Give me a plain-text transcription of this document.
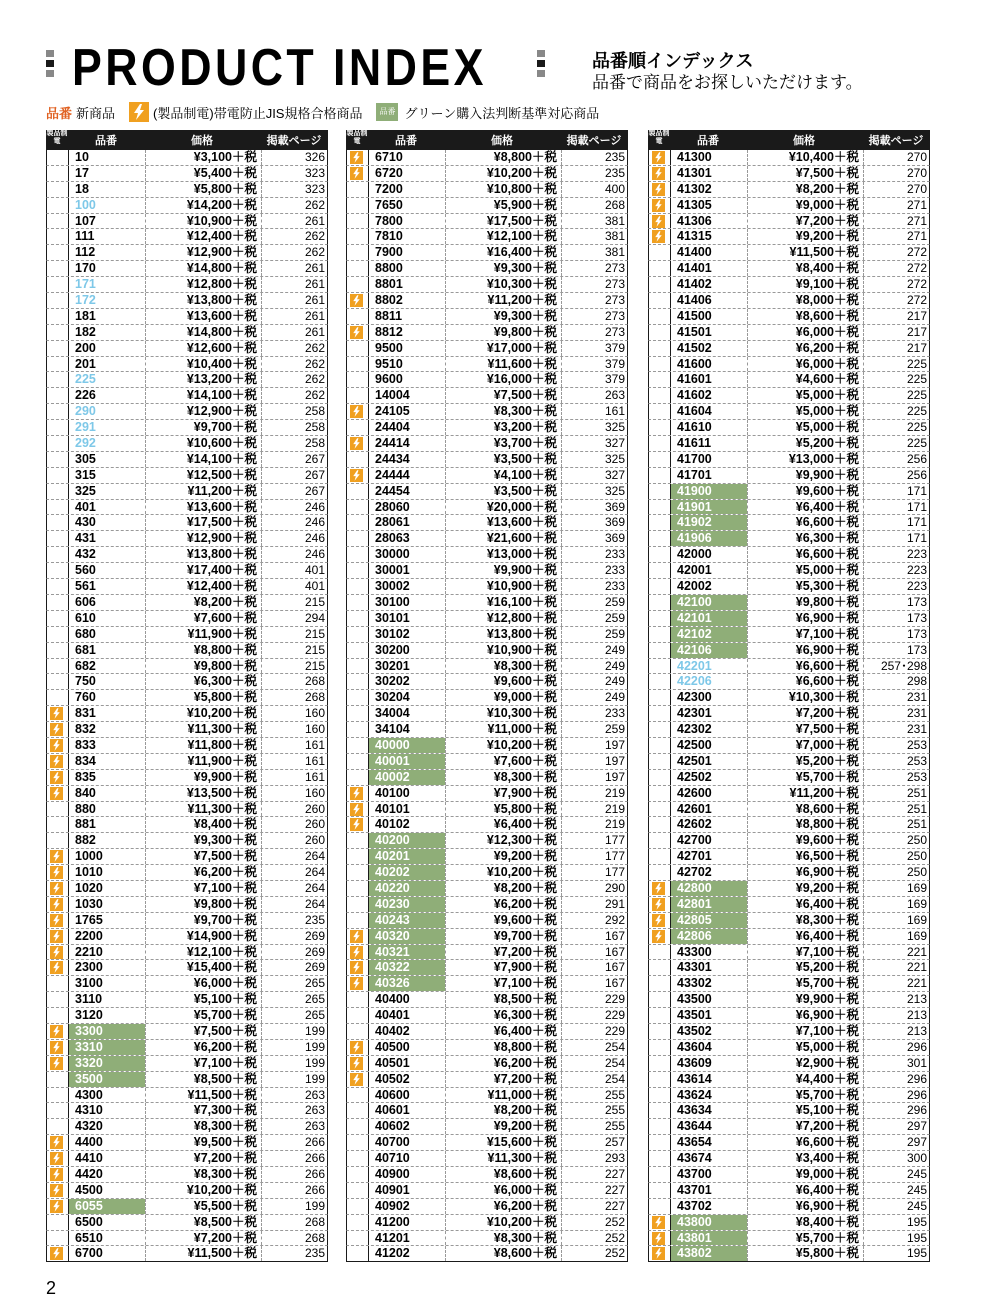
PRODUCT INDEX	品番順インデックス
品番で商品をお探しいただけます。
品番 新商品	(製品制電)帯電防止JIS規格合格商品	品番 グリーン購入法判断基準対応商品
製品制電	品番	価格	掲載ページ
10	¥3,100＋税	326
17	¥5,400＋税	323
18	¥5,800＋税	323
100	¥14,200＋税	262
107	¥10,900＋税	261
111	¥12,400＋税	262
112	¥12,900＋税	262
170	¥14,800＋税	261
171	¥12,800＋税	261
172	¥13,800＋税	261
181	¥13,600＋税	261
182	¥14,800＋税	261
200	¥12,600＋税	262
201	¥10,400＋税	262
225	¥13,200＋税	262
226	¥14,100＋税	262
290	¥12,900＋税	258
291	¥9,700＋税	258
292	¥10,600＋税	258
305	¥14,100＋税	267
315	¥12,500＋税	267
325	¥11,200＋税	267
401	¥13,600＋税	246
430	¥17,500＋税	246
431	¥12,900＋税	246
432	¥13,800＋税	246
560	¥17,400＋税	401
561	¥12,400＋税	401
606	¥8,200＋税	215
610	¥7,600＋税	294
680	¥11,900＋税	215
681	¥8,800＋税	215
682	¥9,800＋税	215
750	¥6,300＋税	268
760	¥5,800＋税	268
831	¥10,200＋税	160
832	¥11,300＋税	160
833	¥11,800＋税	161
834	¥11,900＋税	161
835	¥9,900＋税	161
840	¥13,500＋税	160
880	¥11,300＋税	260
881	¥8,400＋税	260
882	¥9,300＋税	260
1000	¥7,500＋税	264
1010	¥6,200＋税	264
1020	¥7,100＋税	264
1030	¥9,800＋税	264
1765	¥9,700＋税	235
2200	¥14,900＋税	269
2210	¥12,100＋税	269
2300	¥15,400＋税	269
3100	¥6,000＋税	265
3110	¥5,100＋税	265
3120	¥5,700＋税	265
3300	¥7,500＋税	199
3310	¥6,200＋税	199
3320	¥7,100＋税	199
3500	¥8,500＋税	199
4300	¥11,500＋税	263
4310	¥7,300＋税	263
4320	¥8,300＋税	263
4400	¥9,500＋税	266
4410	¥7,200＋税	266
4420	¥8,300＋税	266
4500	¥10,200＋税	266
6055	¥5,500＋税	199
6500	¥8,500＋税	268
6510	¥7,200＋税	268
6700	¥11,500＋税	235
製品制電	品番	価格	掲載ページ
6710	¥8,800＋税	235
6720	¥10,200＋税	235
7200	¥10,800＋税	400
7650	¥5,900＋税	268
7800	¥17,500＋税	381
7810	¥12,100＋税	381
7900	¥16,400＋税	381
8800	¥9,300＋税	273
8801	¥10,300＋税	273
8802	¥11,200＋税	273
8811	¥9,300＋税	273
8812	¥9,800＋税	273
9500	¥17,000＋税	379
9510	¥11,600＋税	379
9600	¥16,000＋税	379
14004	¥7,500＋税	263
24105	¥8,300＋税	161
24404	¥3,200＋税	325
24414	¥3,700＋税	327
24434	¥3,500＋税	325
24444	¥4,100＋税	327
24454	¥3,500＋税	325
28060	¥20,000＋税	369
28061	¥13,600＋税	369
28063	¥21,600＋税	369
30000	¥13,000＋税	233
30001	¥9,900＋税	233
30002	¥10,900＋税	233
30100	¥16,100＋税	259
30101	¥12,800＋税	259
30102	¥13,800＋税	259
30200	¥10,900＋税	249
30201	¥8,300＋税	249
30202	¥9,600＋税	249
30204	¥9,000＋税	249
34004	¥10,300＋税	233
34104	¥11,000＋税	259
40000	¥10,200＋税	197
40001	¥7,600＋税	197
40002	¥8,300＋税	197
40100	¥7,900＋税	219
40101	¥5,800＋税	219
40102	¥6,400＋税	219
40200	¥12,300＋税	177
40201	¥9,200＋税	177
40202	¥10,200＋税	177
40220	¥8,200＋税	290
40230	¥6,200＋税	291
40243	¥9,600＋税	292
40320	¥9,700＋税	167
40321	¥7,200＋税	167
40322	¥7,900＋税	167
40326	¥7,100＋税	167
40400	¥8,500＋税	229
40401	¥6,300＋税	229
40402	¥6,400＋税	229
40500	¥8,800＋税	254
40501	¥6,200＋税	254
40502	¥7,200＋税	254
40600	¥11,000＋税	255
40601	¥8,200＋税	255
40602	¥9,200＋税	255
40700	¥15,600＋税	257
40710	¥11,300＋税	293
40900	¥8,600＋税	227
40901	¥6,000＋税	227
40902	¥6,200＋税	227
41200	¥10,200＋税	252
41201	¥8,300＋税	252
41202	¥8,600＋税	252
製品制電	品番	価格	掲載ページ
41300	¥10,400＋税	270
41301	¥7,500＋税	270
41302	¥8,200＋税	270
41305	¥9,000＋税	271
41306	¥7,200＋税	271
41315	¥9,200＋税	271
41400	¥11,500＋税	272
41401	¥8,400＋税	272
41402	¥9,100＋税	272
41406	¥8,000＋税	272
41500	¥8,600＋税	217
41501	¥6,000＋税	217
41502	¥6,200＋税	217
41600	¥6,000＋税	225
41601	¥4,600＋税	225
41602	¥5,000＋税	225
41604	¥5,000＋税	225
41610	¥5,000＋税	225
41611	¥5,200＋税	225
41700	¥13,000＋税	256
41701	¥9,900＋税	256
41900	¥9,600＋税	171
41901	¥6,400＋税	171
41902	¥6,600＋税	171
41906	¥6,300＋税	171
42000	¥6,600＋税	223
42001	¥5,000＋税	223
42002	¥5,300＋税	223
42100	¥9,800＋税	173
42101	¥6,900＋税	173
42102	¥7,100＋税	173
42106	¥6,900＋税	173
42201	¥6,600＋税	257･298
42206	¥6,600＋税	298
42300	¥10,300＋税	231
42301	¥7,200＋税	231
42302	¥7,500＋税	231
42500	¥7,000＋税	253
42501	¥5,200＋税	253
42502	¥5,700＋税	253
42600	¥11,200＋税	251
42601	¥8,600＋税	251
42602	¥8,800＋税	251
42700	¥9,600＋税	250
42701	¥6,500＋税	250
42702	¥6,900＋税	250
42800	¥9,200＋税	169
42801	¥6,400＋税	169
42805	¥8,300＋税	169
42806	¥6,400＋税	169
43300	¥7,100＋税	221
43301	¥5,200＋税	221
43302	¥5,700＋税	221
43500	¥9,900＋税	213
43501	¥6,900＋税	213
43502	¥7,100＋税	213
43604	¥5,000＋税	296
43609	¥2,900＋税	301
43614	¥4,400＋税	296
43624	¥5,700＋税	296
43634	¥5,100＋税	296
43644	¥7,200＋税	297
43654	¥6,600＋税	297
43674	¥3,400＋税	300
43700	¥9,000＋税	245
43701	¥6,400＋税	245
43702	¥6,900＋税	245
43800	¥8,400＋税	195
43801	¥5,700＋税	195
43802	¥5,800＋税	195
2
